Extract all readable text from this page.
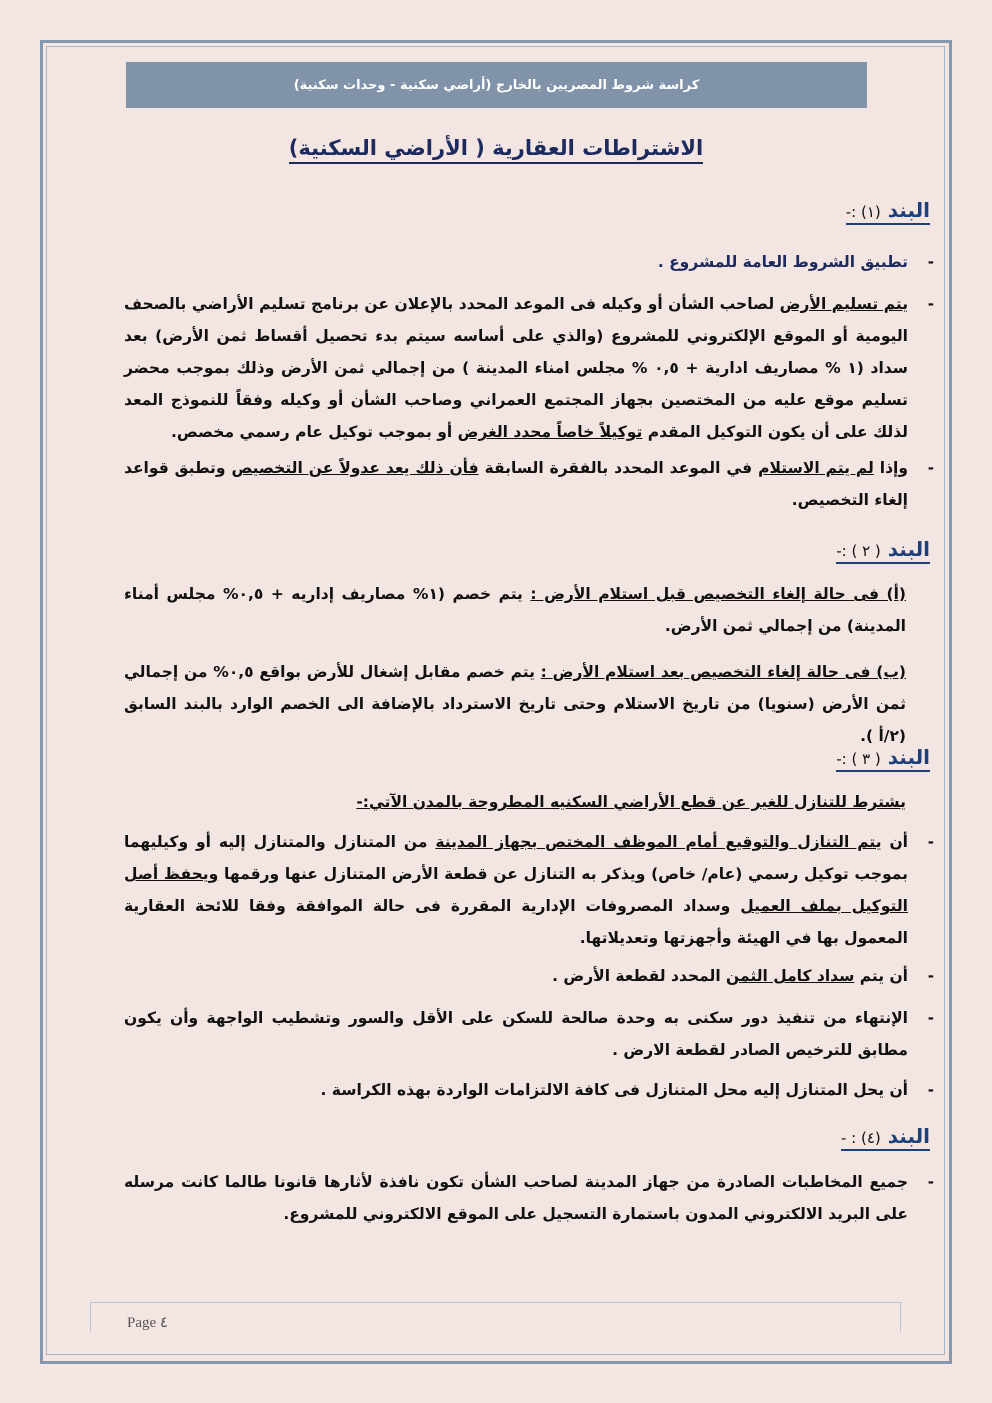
كراسة شروط المصريين بالخارج (أراضي سكنية - وحدات سكنية)
الاشتراطات العقارية ( الأراضي السكنية)
البند (١) :-
-
تطبيق الشروط العامة للمشروع .
-
يتم تسليم الأرض لصاحب الشأن أو وكيله فى الموعد المحدد بالإعلان عن برنامج تسليم الأراضي بالصحف اليومية أو الموقع الإلكتروني للمشروع (والذي على أساسه سيتم بدء تحصيل أقساط ثمن الأرض) بعد سداد (١ % مصاريف ادارية + ٠,٥ % مجلس امناء المدينة ) من إجمالي ثمن الأرض وذلك بموجب محضر تسليم موقع عليه من المختصين بجهاز المجتمع العمراني وصاحب الشأن أو وكيله وفقاً للنموذج المعد لذلك على أن يكون التوكيل المقدم توكيلاً خاصاً محدد الغرض أو بموجب توكيل عام رسمي مخصص.
-
وإذا لم يتم الاستلام في الموعد المحدد بالفقرة السابقة فأن ذلك يعد عدولاً عن التخصيص وتطبق قواعد إلغاء التخصيص.
البند ( ٢ ) :-
(أ) فى حالة إلغاء التخصيص قبل استلام الأرض : يتم خصم (١% مصاريف إداريه + ٠,٥% مجلس أمناء المدينة) من إجمالي ثمن الأرض.
(ب) فى حالة إلغاء التخصيص بعد استلام الأرض : يتم خصم مقابل إشغال للأرض بواقع ٠,٥% من إجمالي ثمن الأرض (سنويا) من تاريخ الاستلام وحتى تاريخ الاسترداد بالإضافة الى الخصم الوارد بالبند السابق (٢/أ ).
البند ( ٣ ) :-
يشترط للتنازل للغير عن قطع الأراضي السكنيه المطروحة بالمدن الآتي:-
-
أن يتم التنازل والتوقيع أمام الموظف المختص بجهاز المدينة من المتنازل والمتنازل إليه أو وكيليهما بموجب توكيل رسمي (عام/ خاص) ويذكر به التنازل عن قطعة الأرض المتنازل عنها ورقمها ويحفظ أصل التوكيل بملف العميل وسداد المصروفات الإدارية المقررة فى حالة الموافقة وفقا للائحة العقارية المعمول بها في الهيئة وأجهزتها وتعديلاتها.
-
أن يتم سداد كامل الثمن المحدد لقطعة الأرض .
-
الإنتهاء من تنفيذ دور سكنى به وحدة صالحة للسكن على الأقل والسور وتشطيب الواجهة وأن يكون مطابق للترخيص الصادر لقطعة الارض .
-
أن يحل المتنازل إليه محل المتنازل فى كافة الالتزامات الواردة بهذه الكراسة .
البند (٤) : -
-
جميع المخاطبات الصادرة من جهاز المدينة لصاحب الشأن تكون نافذة لأثارها قانونا طالما كانت مرسله على البريد الالكتروني المدون باستمارة التسجيل على الموقع الالكتروني للمشروع.
Page ٤
